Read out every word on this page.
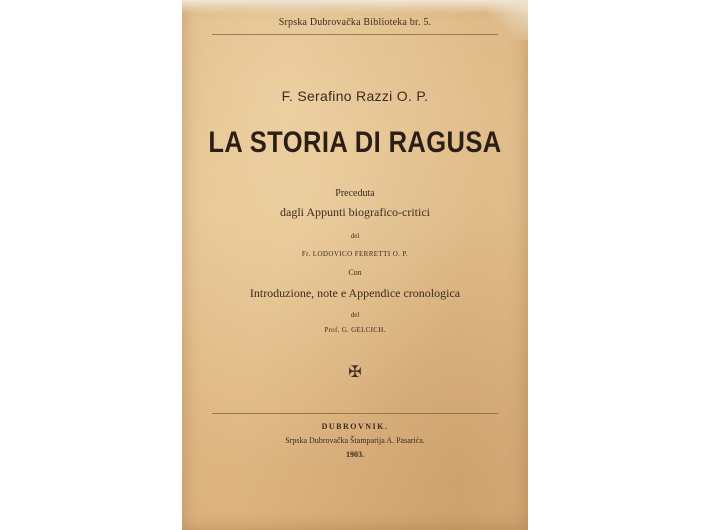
Srpska Dubrovačka Biblioteka br. 5.
F. Serafino Razzi O. P.
LA STORIA DI RAGUSA
Preceduta
dagli Appunti biografico-critici
del
Fr. LODOVICO FERRETTI O. P.
Con
Introduzione, note e Appendice cronologica
del
Prof. G. GELCICH.
✠
DUBROVNIK.
Srpska Dubrovačka Štamparija A. Pasarića.
1903.
